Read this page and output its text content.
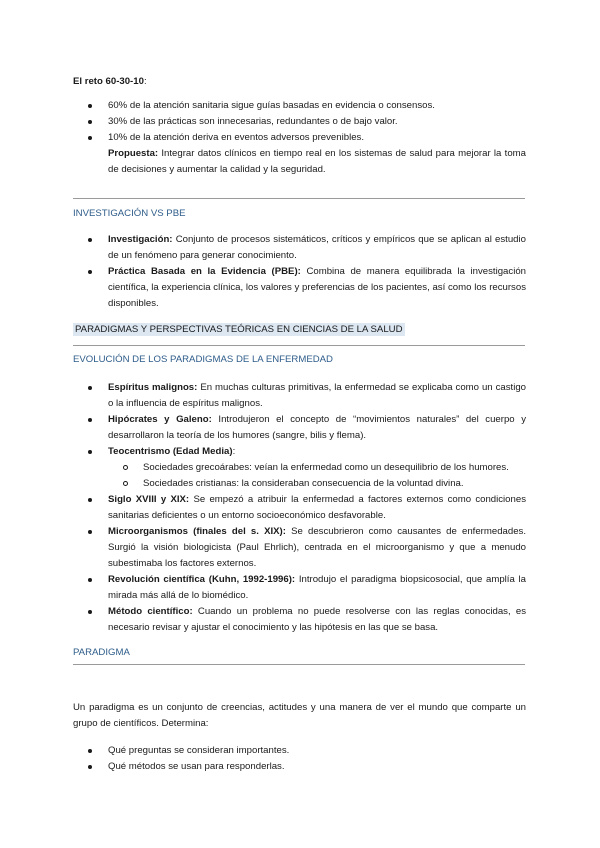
El reto 60-30-10:
60% de la atención sanitaria sigue guías basadas en evidencia o consensos.
30% de las prácticas son innecesarias, redundantes o de bajo valor.
10% de la atención deriva en eventos adversos prevenibles.

Propuesta: Integrar datos clínicos en tiempo real en los sistemas de salud para mejorar la toma de decisiones y aumentar la calidad y la seguridad.

INVESTIGACIÓN VS PBE
Investigación: Conjunto de procesos sistemáticos, críticos y empíricos que se aplican al estudio de un fenómeno para generar conocimiento.
Práctica Basada en la Evidencia (PBE): Combina de manera equilibrada la investigación científica, la experiencia clínica, los valores y preferencias de los pacientes, así como los recursos disponibles.
PARADIGMAS Y PERSPECTIVAS TEÓRICAS EN CIENCIAS DE LA SALUD
EVOLUCIÓN DE LOS PARADIGMAS DE LA ENFERMEDAD
Espíritus malignos: En muchas culturas primitivas, la enfermedad se explicaba como un castigo o la influencia de espíritus malignos.
Hipócrates y Galeno: Introdujeron el concepto de “movimientos naturales” del cuerpo y desarrollaron la teoría de los humores (sangre, bilis y flema).
Teocentrismo (Edad Media):
Sociedades grecoárabes: veían la enfermedad como un desequilibrio de los humores.
Sociedades cristianas: la consideraban consecuencia de la voluntad divina.
Siglo XVIII y XIX: Se empezó a atribuir la enfermedad a factores externos como condiciones sanitarias deficientes o un entorno socioeconómico desfavorable.
Microorganismos (finales del s. XIX): Se descubrieron como causantes de enfermedades. Surgió la visión biologicista (Paul Ehrlich), centrada en el microorganismo y que a menudo subestimaba los factores externos.
Revolución científica (Kuhn, 1992-1996): Introdujo el paradigma biopsicosocial, que amplía la mirada más allá de lo biomédico.
Método científico: Cuando un problema no puede resolverse con las reglas conocidas, es necesario revisar y ajustar el conocimiento y las hipótesis en las que se basa.
PARADIGMA

Un paradigma es un conjunto de creencias, actitudes y una manera de ver el mundo que comparte un grupo de científicos. Determina:

Qué preguntas se consideran importantes.
Qué métodos se usan para responderlas.
